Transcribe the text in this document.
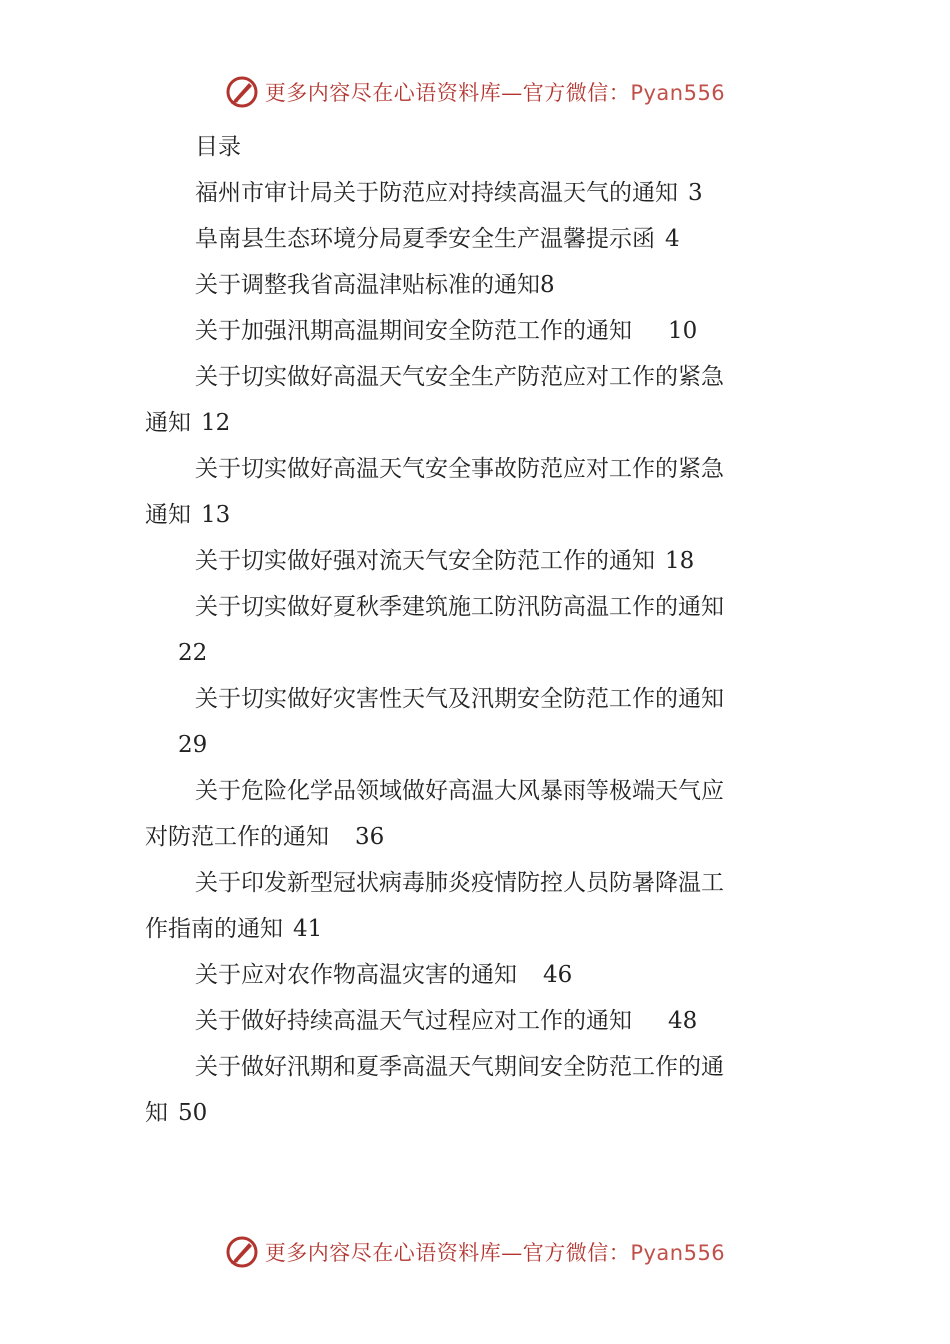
更多内容尽在心语资料库—官方微信：Pyan556

目录

福州市审计局关于防范应对持续高温天气的通知 3
阜南县生态环境分局夏季安全生产温馨提示函 4
关于调整我省高温津贴标准的通知8
关于加强汛期高温期间安全防范工作的通知 10
关于切实做好高温天气安全生产防范应对工作的紧急
通知 12
关于切实做好高温天气安全事故防范应对工作的紧急
通知 13
关于切实做好强对流天气安全防范工作的通知 18
关于切实做好夏秋季建筑施工防汛防高温工作的通知
22
关于切实做好灾害性天气及汛期安全防范工作的通知
29
关于危险化学品领域做好高温大风暴雨等极端天气应
对防范工作的通知 36
关于印发新型冠状病毒肺炎疫情防控人员防暑降温工
作指南的通知 41
关于应对农作物高温灾害的通知 46
关于做好持续高温天气过程应对工作的通知 48
关于做好汛期和夏季高温天气期间安全防范工作的通
知 50
更多内容尽在心语资料库—官方微信：Pyan556
